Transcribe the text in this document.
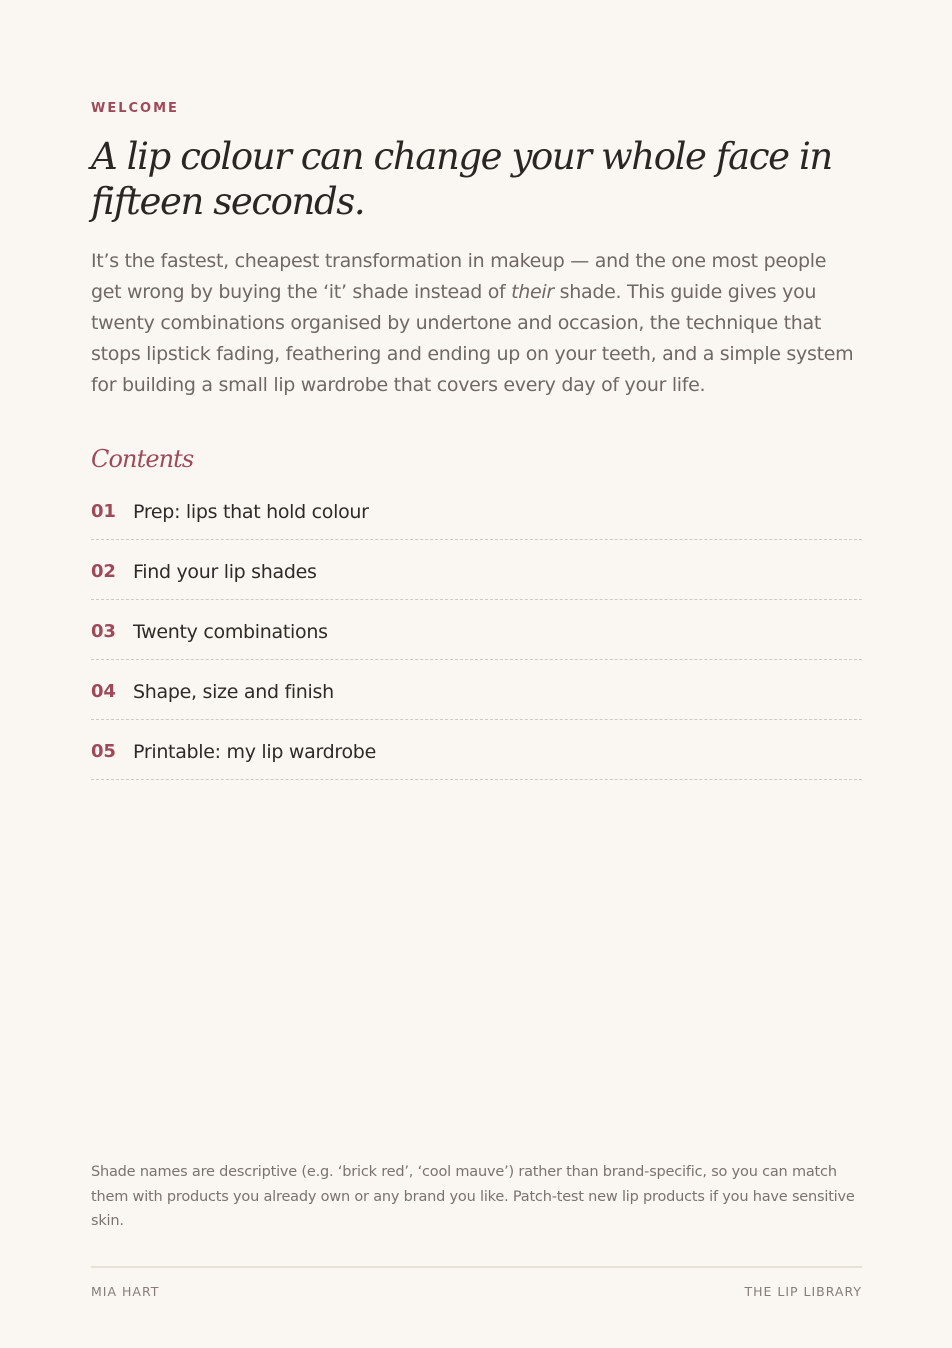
WELCOME
A lip colour can change your whole face in fifteen seconds.

It’s the fastest, cheapest transformation in makeup — and the one most people get wrong by buying the ‘it’ shade instead of their shade. This guide gives you twenty combinations organised by undertone and occasion, the technique that stops lipstick fading, feathering and ending up on your teeth, and a simple system for building a small lip wardrobe that covers every day of your life.

Contents
01 Prep: lips that hold colour
02 Find your lip shades
03 Twenty combinations
04 Shape, size and finish
05 Printable: my lip wardrobe

Shade names are descriptive (e.g. ‘brick red’, ‘cool mauve’) rather than brand-specific, so you can match them with products you already own or any brand you like. Patch-test new lip products if you have sensitive skin.

MIA HART	THE LIP LIBRARY
